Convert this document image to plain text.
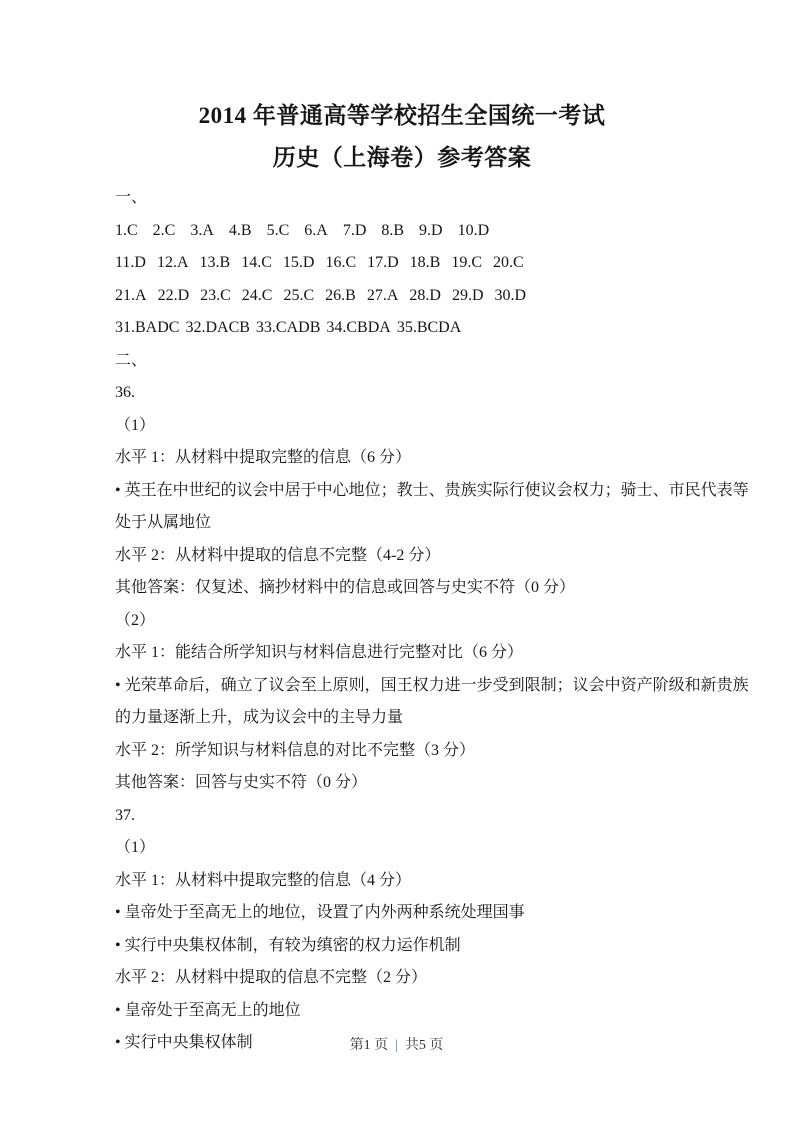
2014 年普通高等学校招生全国统一考试
历史（上海卷）参考答案
一、
1.C 2.C 3.A 4.B 5.C 6.A 7.D 8.B 9.D 10.D
11.D 12.A 13.B 14.C 15.D 16.C 17.D 18.B 19.C 20.C
21.A 22.D 23.C 24.C 25.C 26.B 27.A 28.D 29.D 30.D
31.BADC 32.DACB 33.CADB 34.CBDA 35.BCDA
二、
36.
（1）
水平 1：从材料中提取完整的信息（6 分）
• 英王在中世纪的议会中居于中心地位；教士、贵族实际行使议会权力；骑士、市民代表等
处于从属地位
水平 2：从材料中提取的信息不完整（4-2 分）
其他答案：仅复述、摘抄材料中的信息或回答与史实不符（0 分）
（2）
水平 1：能结合所学知识与材料信息进行完整对比（6 分）
• 光荣革命后，确立了议会至上原则，国王权力进一步受到限制；议会中资产阶级和新贵族
的力量逐渐上升，成为议会中的主导力量
水平 2：所学知识与材料信息的对比不完整（3 分）
其他答案：回答与史实不符（0 分）
37.
（1）
水平 1：从材料中提取完整的信息（4 分）
• 皇帝处于至高无上的地位，设置了内外两种系统处理国事
• 实行中央集权体制，有较为缜密的权力运作机制
水平 2：从材料中提取的信息不完整（2 分）
• 皇帝处于至高无上的地位
• 实行中央集权体制	第1 页 | 共5 页
